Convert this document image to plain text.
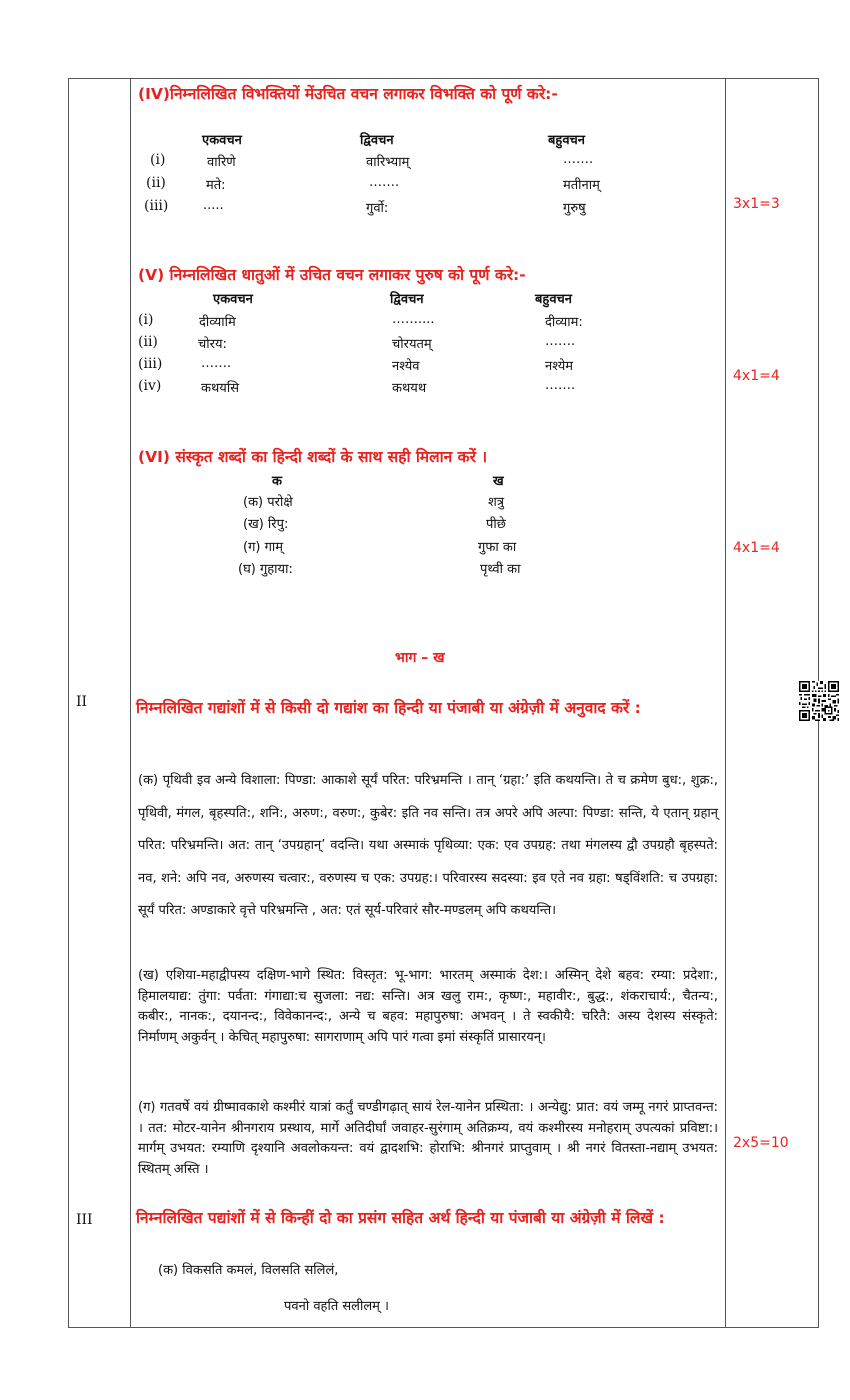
(IV)निम्नलिखित विभक्तियों मेंउचित वचन लगाकर विभक्ति को पूर्ण करे:-
एकवचन	द्विवचन	बहुवचन
(i)	वारिणे	वारिभ्याम्	…….
(ii)	मते:	…….	मतीनाम्
(iii)	.....	गुर्वो:	गुरुषु	3x1=3
(V) निम्नलिखित धातुओं में उचित वचन लगाकर पुरुष को पूर्ण करे:-
एकवचन	द्विवचन	बहुवचन
(i)	दीव्यामि	……....	दीव्याम:
(ii)	चोरय:	चोरयतम्	…….
(iii)	…….	नश्येव	नश्येम
(iv)	कथयसि	कथयथ	…….
4x1=4
(VI) संस्कृत शब्दों का हिन्दी शब्दों के साथ सही मिलान करें ।
क	ख
(क) परोक्षे	शत्रु
(ख) रिपु:	पीछे
(ग) गाम्	गुफा का
(घ) गुहाया:	पृथ्वी का
4x1=4
भाग – ख
II	निम्नलिखित गद्यांशों में से किसी दो गद्यांश का हिन्दी या पंजाबी या अंग्रेज़ी में अनुवाद करें :
(क) पृथिवी इव अन्ये विशाला: पिण्डा: आकाशे सूर्यं परित: परिभ्रमन्ति । तान् ‘ग्रहा:’ इति कथयन्ति। ते च क्रमेण बुध:, शुक्र:, पृथिवी, मंगल, बृहस्पति:, शनि:, अरुण:, वरुण:, कुबेर: इति नव सन्ति। तत्र अपरे अपि अल्पा: पिण्डा: सन्ति, ये एतान् ग्रहान् परित: परिभ्रमन्ति। अत: तान् ‘उपग्रहान्’ वदन्ति। यथा अस्माकं पृथिव्या: एक: एव उपग्रह: तथा मंगलस्य द्वौ उपग्रहौ बृहस्पते: नव, शने: अपि नव, अरुणस्य चत्वार:, वरुणस्य च एक: उपग्रह:। परिवारस्य सदस्या: इव एते नव ग्रहा: षड्विंशति: च उपग्रहा: सूर्यं परित: अण्डाकारे वृत्ते परिभ्रमन्ति , अत: एतं सूर्य-परिवारं सौर-मण्डलम् अपि कथयन्ति।
(ख) एशिया-महाद्वीपस्य दक्षिण-भागे स्थित: विस्तृत: भू-भाग: भारतम् अस्माकं देश:। अस्मिन् देशे बहव: रम्या: प्रदेशा:, हिमालयाद्य: तुंगा: पर्वता: गंगाद्या:च सुजला: नद्य: सन्ति। अत्र खलु राम:, कृष्ण:, महावीर:, बुद्ध:, शंकराचार्य:, चैतन्य:, कबीर:, नानक:, दयानन्द:, विवेकानन्द:, अन्ये च बहव: महापुरुषा: अभवन् । ते स्वकीयै: चरितै: अस्य देशस्य संस्कृते: निर्माणम् अकुर्वन् । केचित् महापुरुषा: सागराणाम् अपि पारं गत्वा इमां संस्कृतिं प्रासारयन्।
(ग) गतवर्षे वयं ग्रीष्मावकाशे कश्मीरं यात्रां कर्तुं चण्डीगढ़ात् सायं रेल-यानेन प्रस्थिता: । अन्येद्यु: प्रात: वयं जम्मू नगरं प्राप्तवन्त: । तत: मोटर-यानेन श्रीनगराय प्रस्थाय, मार्गे अतिदीर्घां जवाहर-सुरंगाम् अतिक्रम्य, वयं कश्मीरस्य मनोहराम् उपत्यकां प्रविष्टा:। मार्गम् उभयत: रम्याणि दृश्यानि अवलोकयन्त: वयं द्वादशभि: होराभि: श्रीनगरं प्राप्तुवाम् । श्री नगरं वितस्ता-नद्याम् उभयत: स्थितम् अस्ति ।
2x5=10
III	निम्नलिखित पद्यांशों में से किन्हीं दो का प्रसंग सहित अर्थ हिन्दी या पंजाबी या अंग्रेज़ी में लिखें :
(क) विकसति कमलं, विलसति सलिलं,
पवनो वहति सलीलम् ।
